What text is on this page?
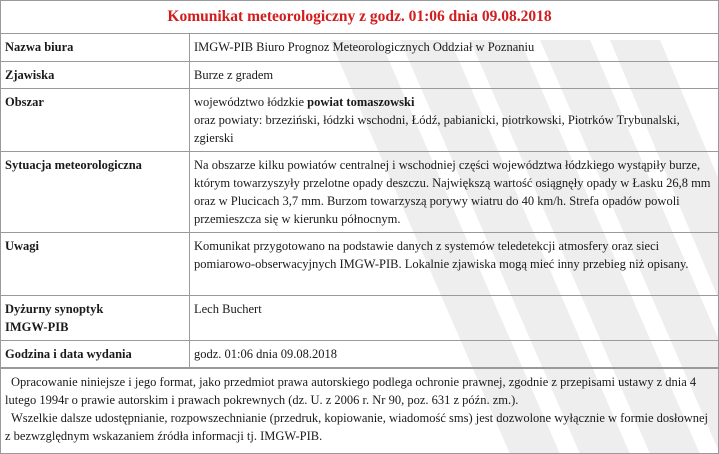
Komunikat meteorologiczny z godz. 01:06 dnia 09.08.2018
Nazwa biura	IMGW-PIB Biuro Prognoz Meteorologicznych Oddział w Poznaniu
Zjawiska	Burze z gradem
Obszar	województwo łódzkie powiat tomaszowski
oraz powiaty: brzeziński, łódzki wschodni, Łódź, pabianicki, piotrkowski, Piotrków Trybunalski, zgierski
Sytuacja meteorologiczna	Na obszarze kilku powiatów centralnej i wschodniej części województwa łódzkiego wystąpiły burze, którym towarzyszyły przelotne opady deszczu. Największą wartość osiągnęły opady w Łasku 26,8 mm oraz w Plucicach 3,7 mm. Burzom towarzyszą porywy wiatru do 40 km/h. Strefa opadów powoli przemieszcza się w kierunku północnym.
Uwagi	Komunikat przygotowano na podstawie danych z systemów teledetekcji atmosfery oraz sieci pomiarowo-obserwacyjnych IMGW-PIB. Lokalnie zjawiska mogą mieć inny przebieg niż opisany.
Dyżurny synoptyk
IMGW-PIB	Lech Buchert
Godzina i data wydania	godz. 01:06 dnia 09.08.2018

Opracowanie niniejsze i jego format, jako przedmiot prawa autorskiego podlega ochronie prawnej, zgodnie z przepisami ustawy z dnia 4 lutego 1994r o prawie autorskim i prawach pokrewnych (dz. U. z 2006 r. Nr 90, poz. 631 z późn. zm.).

Wszelkie dalsze udostępnianie, rozpowszechnianie (przedruk, kopiowanie, wiadomość sms) jest dozwolone wyłącznie w formie dosłownej z bezwzględnym wskazaniem źródła informacji tj. IMGW-PIB.
